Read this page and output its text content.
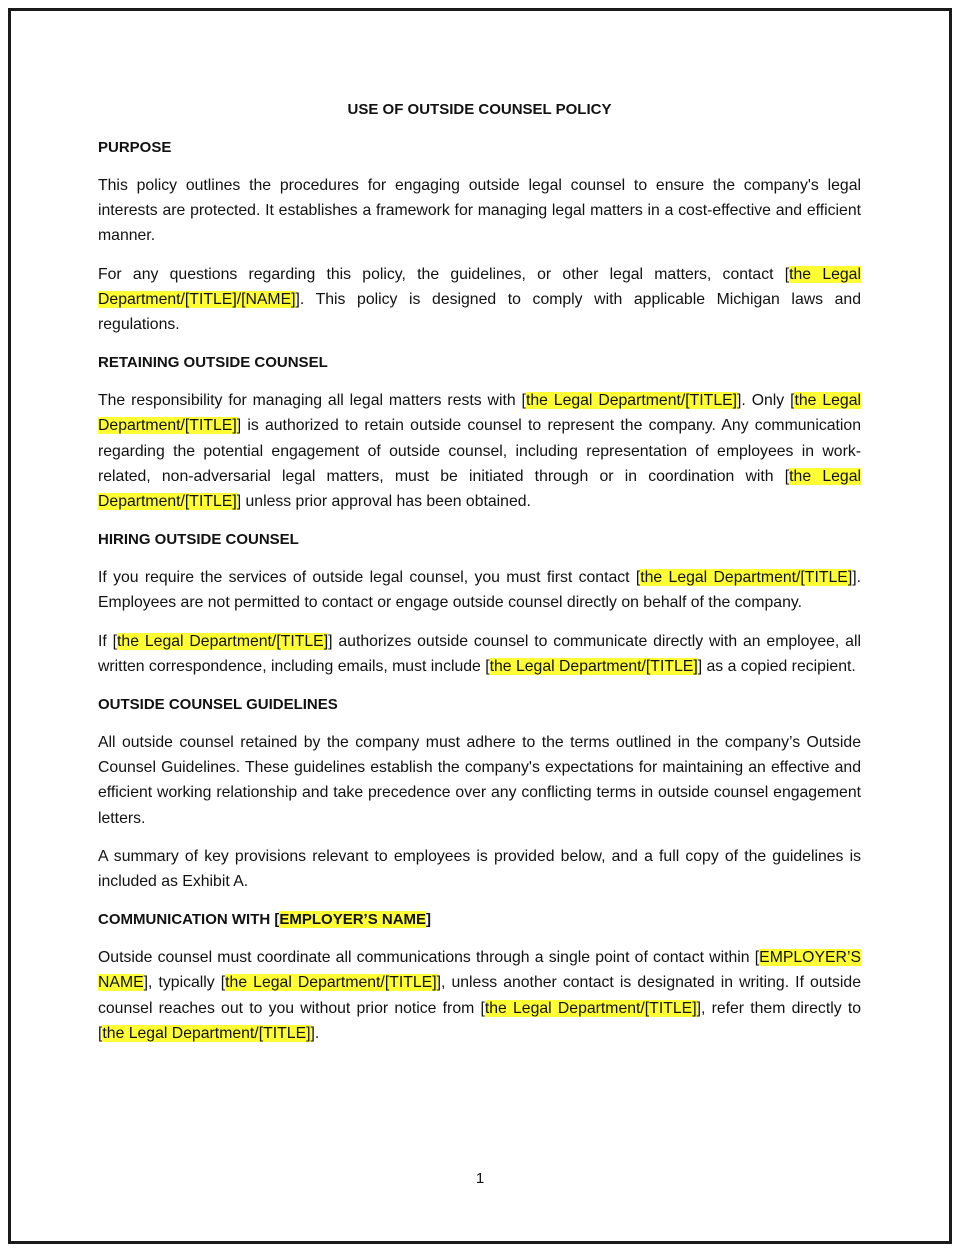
USE OF OUTSIDE COUNSEL POLICY
PURPOSE

This policy outlines the procedures for engaging outside legal counsel to ensure the company's legal interests are protected. It establishes a framework for managing legal matters in a cost-effective and efficient manner.

For any questions regarding this policy, the guidelines, or other legal matters, contact [the Legal Department/[TITLE]/[NAME]]. This policy is designed to comply with applicable Michigan laws and regulations.

RETAINING OUTSIDE COUNSEL

The responsibility for managing all legal matters rests with [the Legal Department/[TITLE]]. Only [the Legal Department/[TITLE]] is authorized to retain outside counsel to represent the company. Any communication regarding the potential engagement of outside counsel, including representation of employees in work-related, non-adversarial legal matters, must be initiated through or in coordination with [the Legal Department/[TITLE]] unless prior approval has been obtained.

HIRING OUTSIDE COUNSEL

If you require the services of outside legal counsel, you must first contact [the Legal Department/[TITLE]]. Employees are not permitted to contact or engage outside counsel directly on behalf of the company.

If [the Legal Department/[TITLE]] authorizes outside counsel to communicate directly with an employee, all written correspondence, including emails, must include [the Legal Department/[TITLE]] as a copied recipient.

OUTSIDE COUNSEL GUIDELINES

All outside counsel retained by the company must adhere to the terms outlined in the company’s Outside Counsel Guidelines. These guidelines establish the company's expectations for maintaining an effective and efficient working relationship and take precedence over any conflicting terms in outside counsel engagement letters.

A summary of key provisions relevant to employees is provided below, and a full copy of the guidelines is included as Exhibit A.

COMMUNICATION WITH [EMPLOYER’S NAME]

Outside counsel must coordinate all communications through a single point of contact within [EMPLOYER’S NAME], typically [the Legal Department/[TITLE]], unless another contact is designated in writing. If outside counsel reaches out to you without prior notice from [the Legal Department/[TITLE]], refer them directly to [the Legal Department/[TITLE]].

1
